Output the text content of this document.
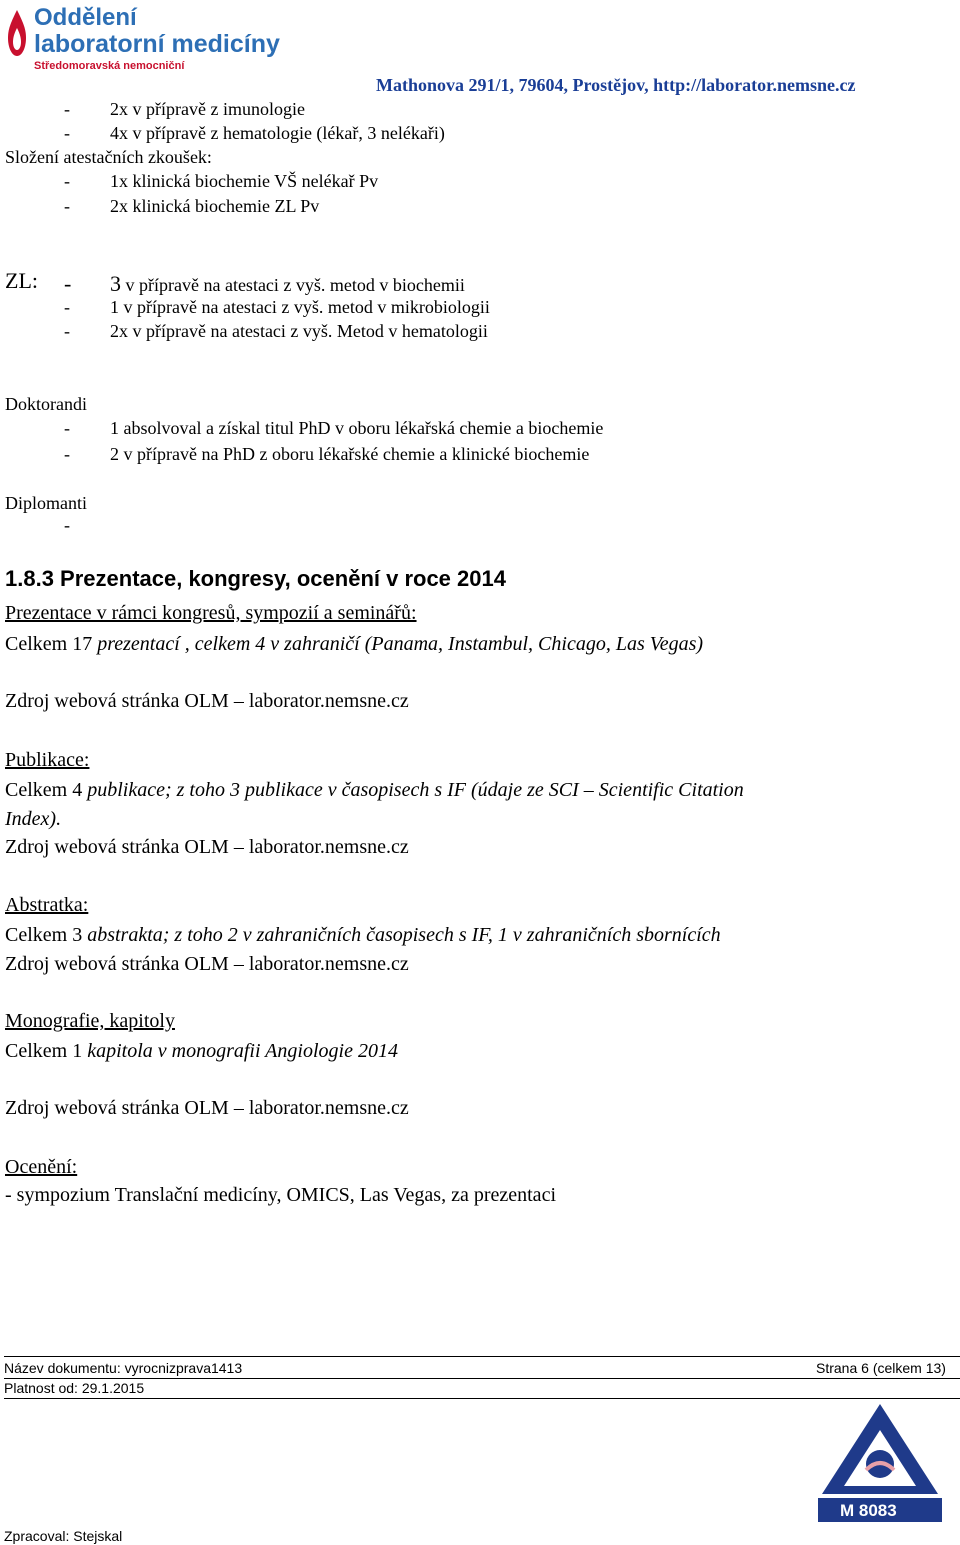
Oddělení
laboratorní medicíny
Středomoravská nemocniční
Mathonova 291/1, 79604, Prostějov, http://laborator.nemsne.cz
- 2x v přípravě z imunologie
- 4x v přípravě z hematologie (lékař, 3 nelékaři)
Složení atestačních zkoušek:
- 1x klinická biochemie VŠ nelékař Pv
- 2x klinická biochemie ZL Pv
ZL: - 3 v přípravě na atestaci z vyš. metod v biochemii
- 1 v přípravě na atestaci z vyš. metod v mikrobiologii
- 2x v přípravě na atestaci z vyš. Metod v hematologii
Doktorandi
- 1 absolvoval a získal titul PhD v oboru lékařská chemie a biochemie
- 2 v přípravě na PhD z oboru lékařské chemie a klinické biochemie
Diplomanti
-
1.8.3 Prezentace, kongresy, ocenění v roce 2014
Prezentace v rámci kongresů, sympozií a seminářů:
Celkem 17 prezentací , celkem 4 v zahraničí (Panama, Instambul, Chicago, Las Vegas)
Zdroj webová stránka OLM – laborator.nemsne.cz
Publikace:
Celkem 4 publikace; z toho 3 publikace v časopisech s IF (údaje ze SCI – Scientific Citation
Index).
Zdroj webová stránka OLM – laborator.nemsne.cz
Abstratka:
Celkem 3 abstrakta; z toho 2 v zahraničních časopisech s IF, 1 v zahraničních sbornících
Zdroj webová stránka OLM – laborator.nemsne.cz
Monografie, kapitoly
Celkem 1 kapitola v monografii Angiologie 2014
Zdroj webová stránka OLM – laborator.nemsne.cz
Ocenění:
- sympozium Translační medicíny, OMICS, Las Vegas, za prezentaci
Název dokumentu: vyrocnizprava1413	Strana 6 (celkem 13)
Platnost od: 29.1.2015
Zpracoval: Stejskal
M 8083
